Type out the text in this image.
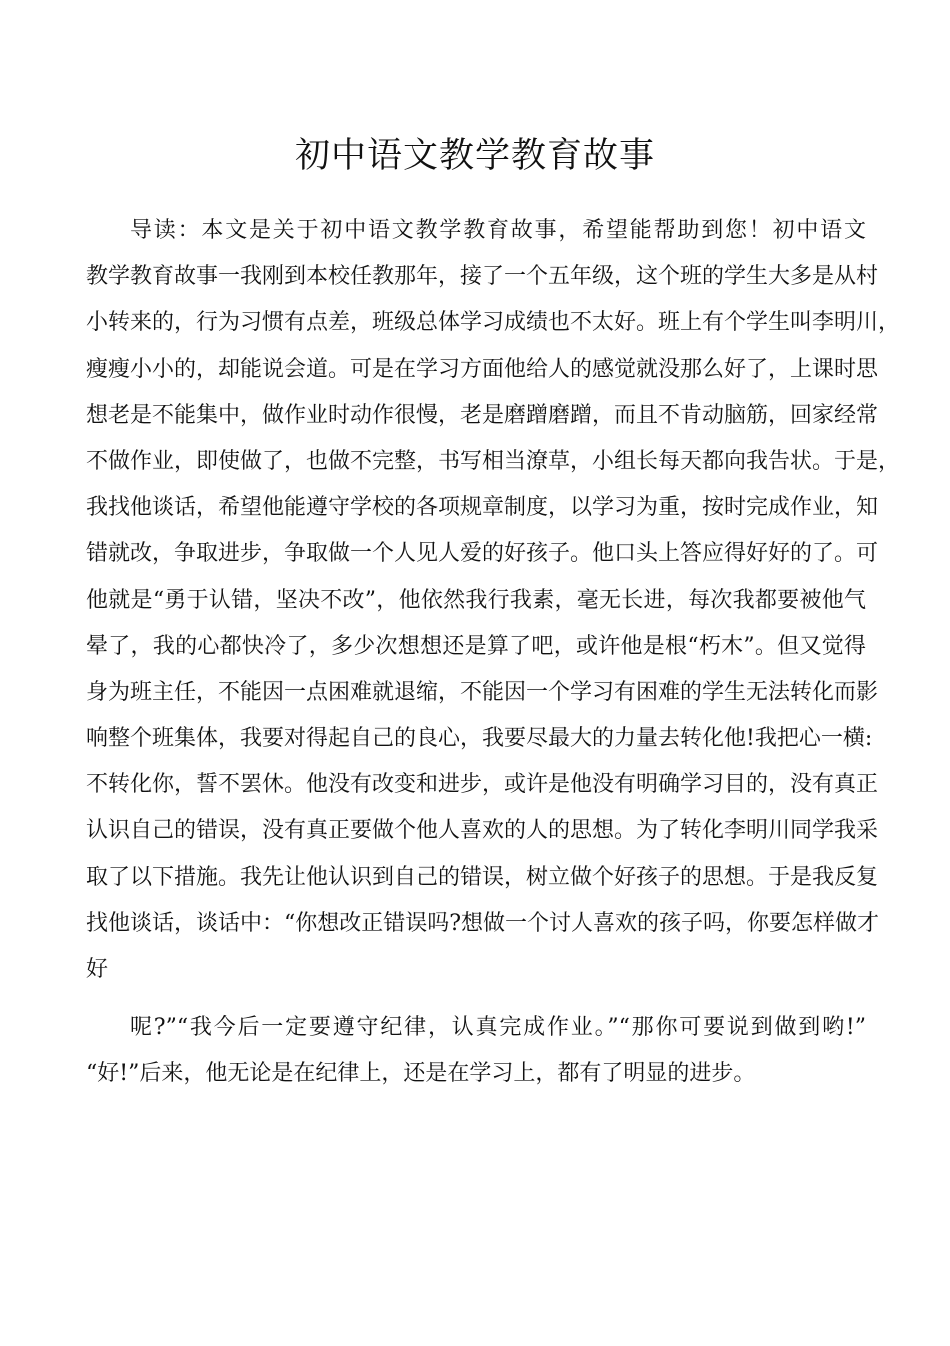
初中语文教学教育故事
导读：本文是关于初中语文教学教育故事，希望能帮助到您！初中语文
教学教育故事一我刚到本校任教那年，接了一个五年级，这个班的学生大多是从村
小转来的，行为习惯有点差，班级总体学习成绩也不太好。班上有个学生叫李明川，
瘦瘦小小的，却能说会道。可是在学习方面他给人的感觉就没那么好了，上课时思
想老是不能集中，做作业时动作很慢，老是磨蹭磨蹭，而且不肯动脑筋，回家经常
不做作业，即使做了，也做不完整，书写相当潦草，小组长每天都向我告状。于是，
我找他谈话，希望他能遵守学校的各项规章制度，以学习为重，按时完成作业，知
错就改，争取进步，争取做一个人见人爱的好孩子。他口头上答应得好好的了。可
他就是“勇于认错，坚决不改”，他依然我行我素，毫无长进，每次我都要被他气
晕了，我的心都快冷了，多少次想想还是算了吧，或许他是根“朽木”。但又觉得
身为班主任，不能因一点困难就退缩，不能因一个学习有困难的学生无法转化而影
响整个班集体，我要对得起自己的良心，我要尽最大的力量去转化他!我把心一横:
不转化你，誓不罢休。他没有改变和进步，或许是他没有明确学习目的，没有真正
认识自己的错误，没有真正要做个他人喜欢的人的思想。为了转化李明川同学我采
取了以下措施。我先让他认识到自己的错误，树立做个好孩子的思想。于是我反复
找他谈话，谈话中：“你想改正错误吗?想做一个讨人喜欢的孩子吗，你要怎样做才
好
呢?”“我今后一定要遵守纪律，认真完成作业。”“那你可要说到做到哟!”
“好!”后来，他无论是在纪律上，还是在学习上，都有了明显的进步。
